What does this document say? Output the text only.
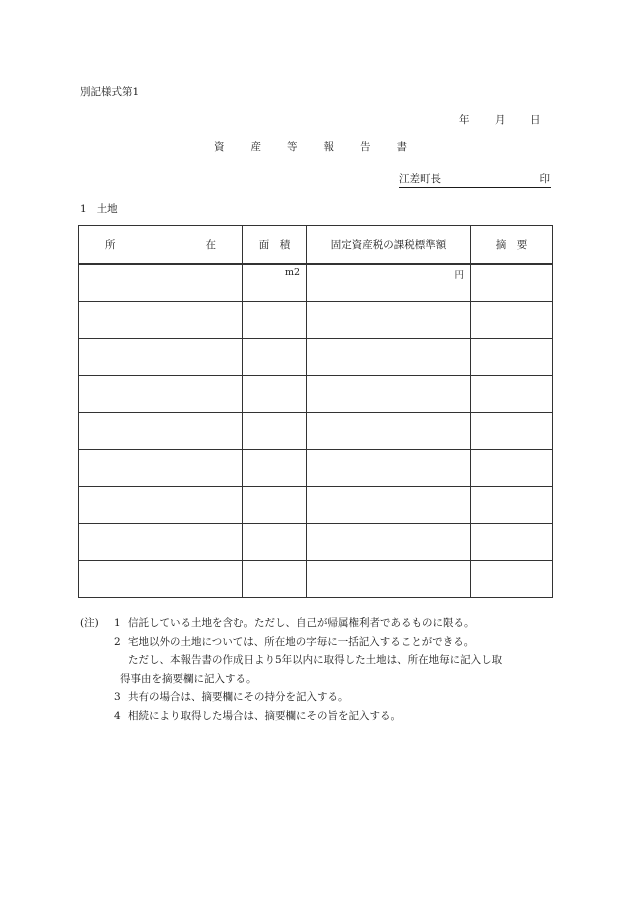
別記様式第1
年 月 日
資 産 等 報 告 書
江差町長	印
1 土地
所 在	面　積	固定資産税の課税標準額	摘　要

	m2	円	

(注) 1 信託している土地を含む。ただし、自己が帰属権利者であるものに限る。
2 宅地以外の土地については、所在地の字毎に一括記入することができる。
ただし、本報告書の作成日より5年以内に取得した土地は、所在地毎に記入し取
得事由を摘要欄に記入する。
3 共有の場合は、摘要欄にその持分を記入する。
4 相続により取得した場合は、摘要欄にその旨を記入する。
